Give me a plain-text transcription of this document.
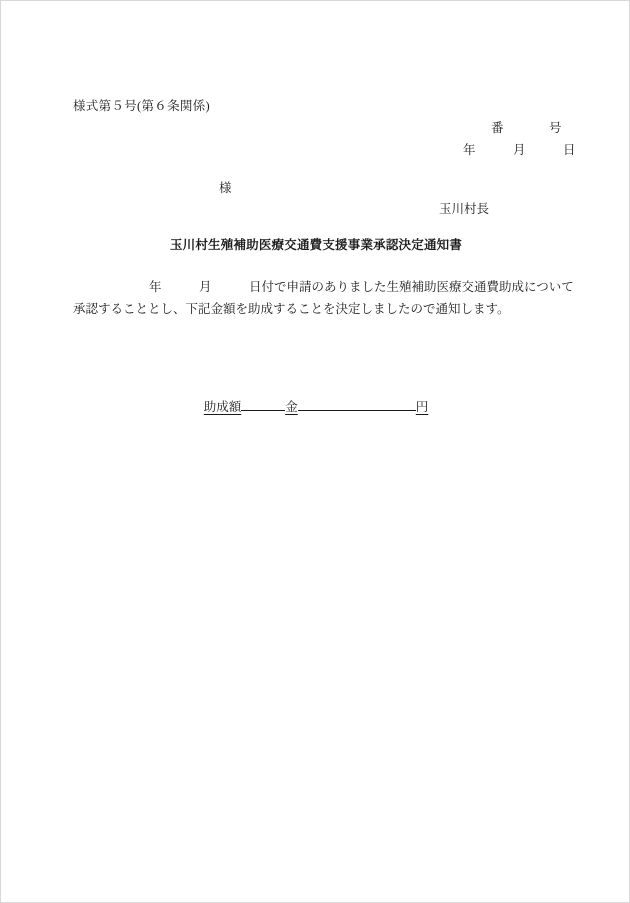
様式第５号(第６条関係)
番	号
年	月	日
様
玉川村長
玉川村生殖補助医療交通費支援事業承認決定通知書
年	月	日付で申請のありました生殖補助医療交通費助成について
承認することとし、下記金額を助成することを決定しましたので通知します。
助成額	金	円
